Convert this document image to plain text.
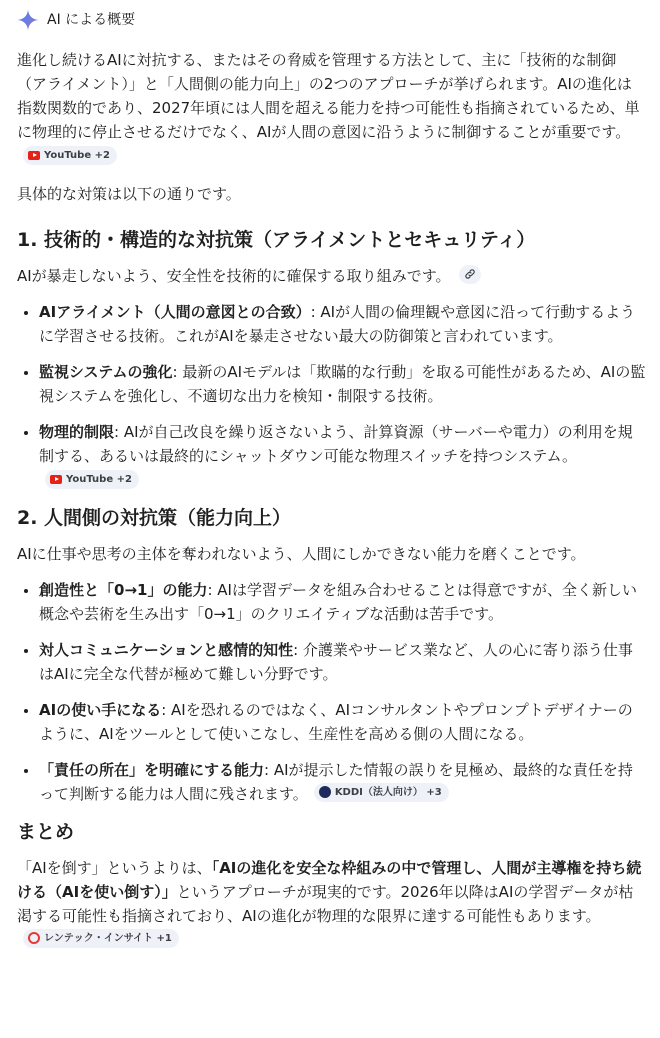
AI による概要

進化し続けるAIに対抗する、またはその脅威を管理する方法として、主に「技術的な制御（アライメント）」と「人間側の能力向上」の2つのアプローチが挙げられます。AIの進化は指数関数的であり、2027年頃には人間を超える能力を持つ可能性も指摘されているため、単に物理的に停止させるだけでなく、AIが人間の意図に沿うように制御することが重要です。
YouTube +2

具体的な対策は以下の通りです。

1. 技術的・構造的な対抗策（アライメントとセキュリティ）

AIが暴走しないよう、安全性を技術的に確保する取り組みです。

• AIアライメント（人間の意図との合致）: AIが人間の倫理観や意図に沿って行動するように学習させる技術。これがAIを暴走させない最大の防御策と言われています。
• 監視システムの強化: 最新のAIモデルは「欺瞞的な行動」を取る可能性があるため、AIの監視システムを強化し、不適切な出力を検知・制限する技術。
• 物理的制限: AIが自己改良を繰り返さないよう、計算資源（サーバーや電力）の利用を規制する、あるいは最終的にシャットダウン可能な物理スイッチを持つシステム。
YouTube +2
2. 人間側の対抗策（能力向上）

AIに仕事や思考の主体を奪われないよう、人間にしかできない能力を磨くことです。

• 創造性と「0→1」の能力: AIは学習データを組み合わせることは得意ですが、全く新しい概念や芸術を生み出す「0→1」のクリエイティブな活動は苦手です。
• 対人コミュニケーションと感情的知性: 介護業やサービス業など、人の心に寄り添う仕事はAIに完全な代替が極めて難しい分野です。
• AIの使い手になる: AIを恐れるのではなく、AIコンサルタントやプロンプトデザイナーのように、AIをツールとして使いこなし、生産性を高める側の人間になる。
• 「責任の所在」を明確にする能力: AIが提示した情報の誤りを見極め、最終的な責任を持って判断する能力は人間に残されます。	KDDI（法人向け） +3
まとめ

「AIを倒す」というよりは、「AIの進化を安全な枠組みの中で管理し、人間が主導権を持ち続ける（AIを使い倒す）」というアプローチが現実的です。2026年以降はAIの学習データが枯渇する可能性も指摘されており、AIの進化が物理的な限界に達する可能性もあります。
レンテック・インサイト +1
